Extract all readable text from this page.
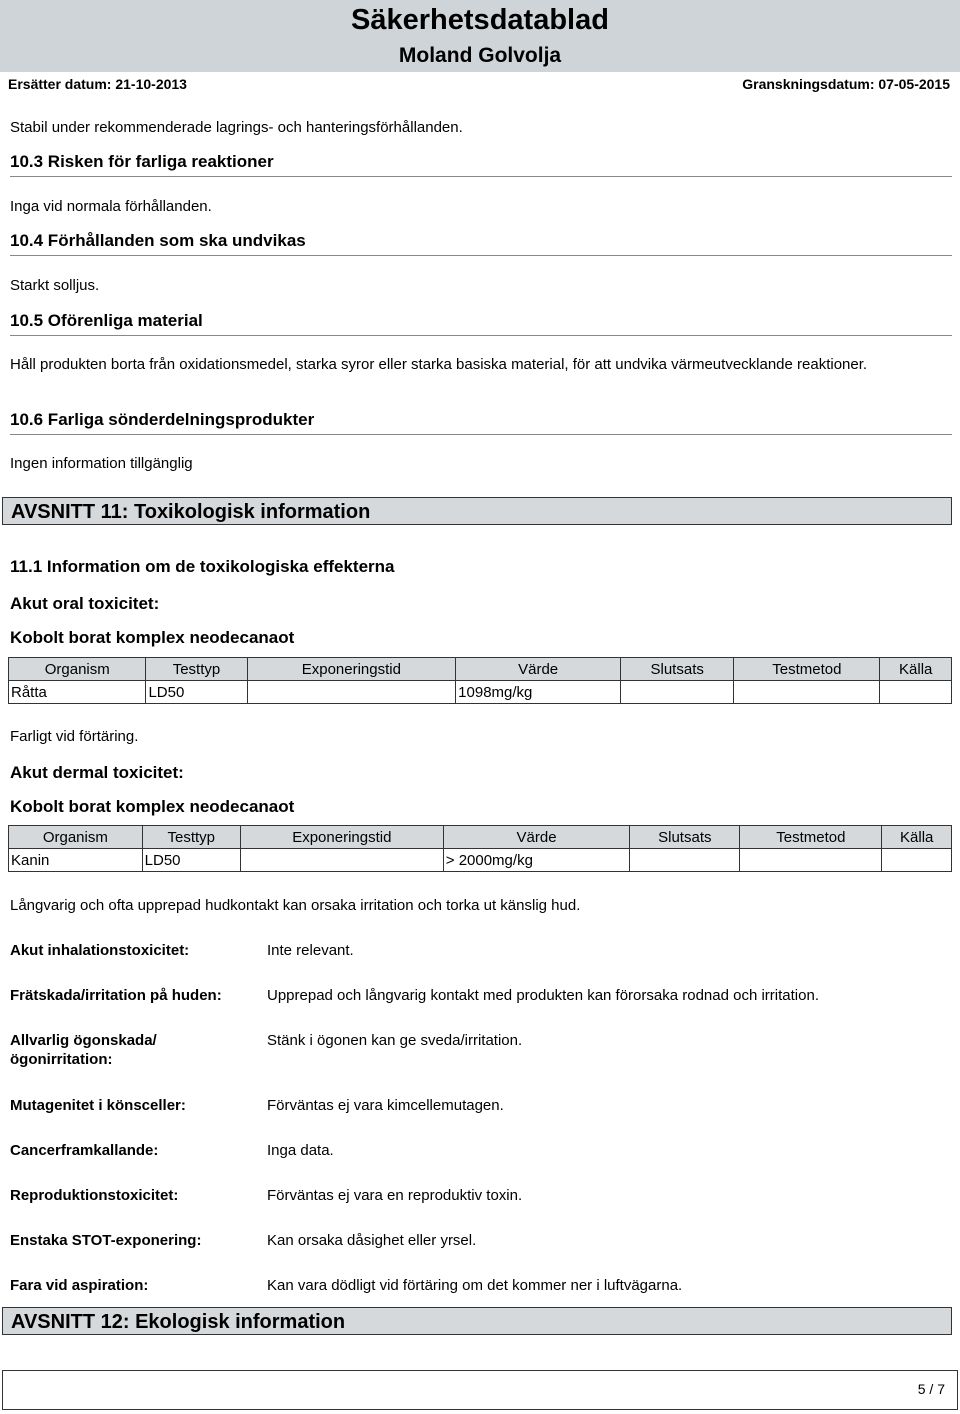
Säkerhetsdatablad
Moland Golvolja
Ersätter datum: 21-10-2013	Granskningsdatum: 07-05-2015
Stabil under rekommenderade lagrings- och hanteringsförhållanden.
10.3 Risken för farliga reaktioner
Inga vid normala förhållanden.
10.4 Förhållanden som ska undvikas
Starkt solljus.
10.5 Oförenliga material
Håll produkten borta från oxidationsmedel, starka syror eller starka basiska material, för att undvika värmeutvecklande reaktioner.
10.6 Farliga sönderdelningsprodukter
Ingen information tillgänglig
AVSNITT 11: Toxikologisk information
11.1 Information om de toxikologiska effekterna
Akut oral toxicitet:
Kobolt borat komplex neodecanaot
Organism	Testtyp	Exponeringstid	Värde	Slutsats	Testmetod	Källa
Råtta	LD50		1098mg/kg			
Farligt vid förtäring.
Akut dermal toxicitet:
Kobolt borat komplex neodecanaot
Organism	Testtyp	Exponeringstid	Värde	Slutsats	Testmetod	Källa
Kanin	LD50		> 2000mg/kg			
Långvarig och ofta upprepad hudkontakt kan orsaka irritation och torka ut känslig hud.
Akut inhalationstoxicitet:	Inte relevant.
Frätskada/irritation på huden:	Upprepad och långvarig kontakt med produkten kan förorsaka rodnad och irritation.
Allvarlig ögonskada/ögonirritation:
Stänk i ögonen kan ge sveda/irritation.
Mutagenitet i könsceller:	Förväntas ej vara kimcellemutagen.
Cancerframkallande:	Inga data.
Reproduktionstoxicitet:	Förväntas ej vara en reproduktiv toxin.
Enstaka STOT-exponering:	Kan orsaka dåsighet eller yrsel.
Fara vid aspiration:	Kan vara dödligt vid förtäring om det kommer ner i luftvägarna.
AVSNITT 12: Ekologisk information
5 / 7
